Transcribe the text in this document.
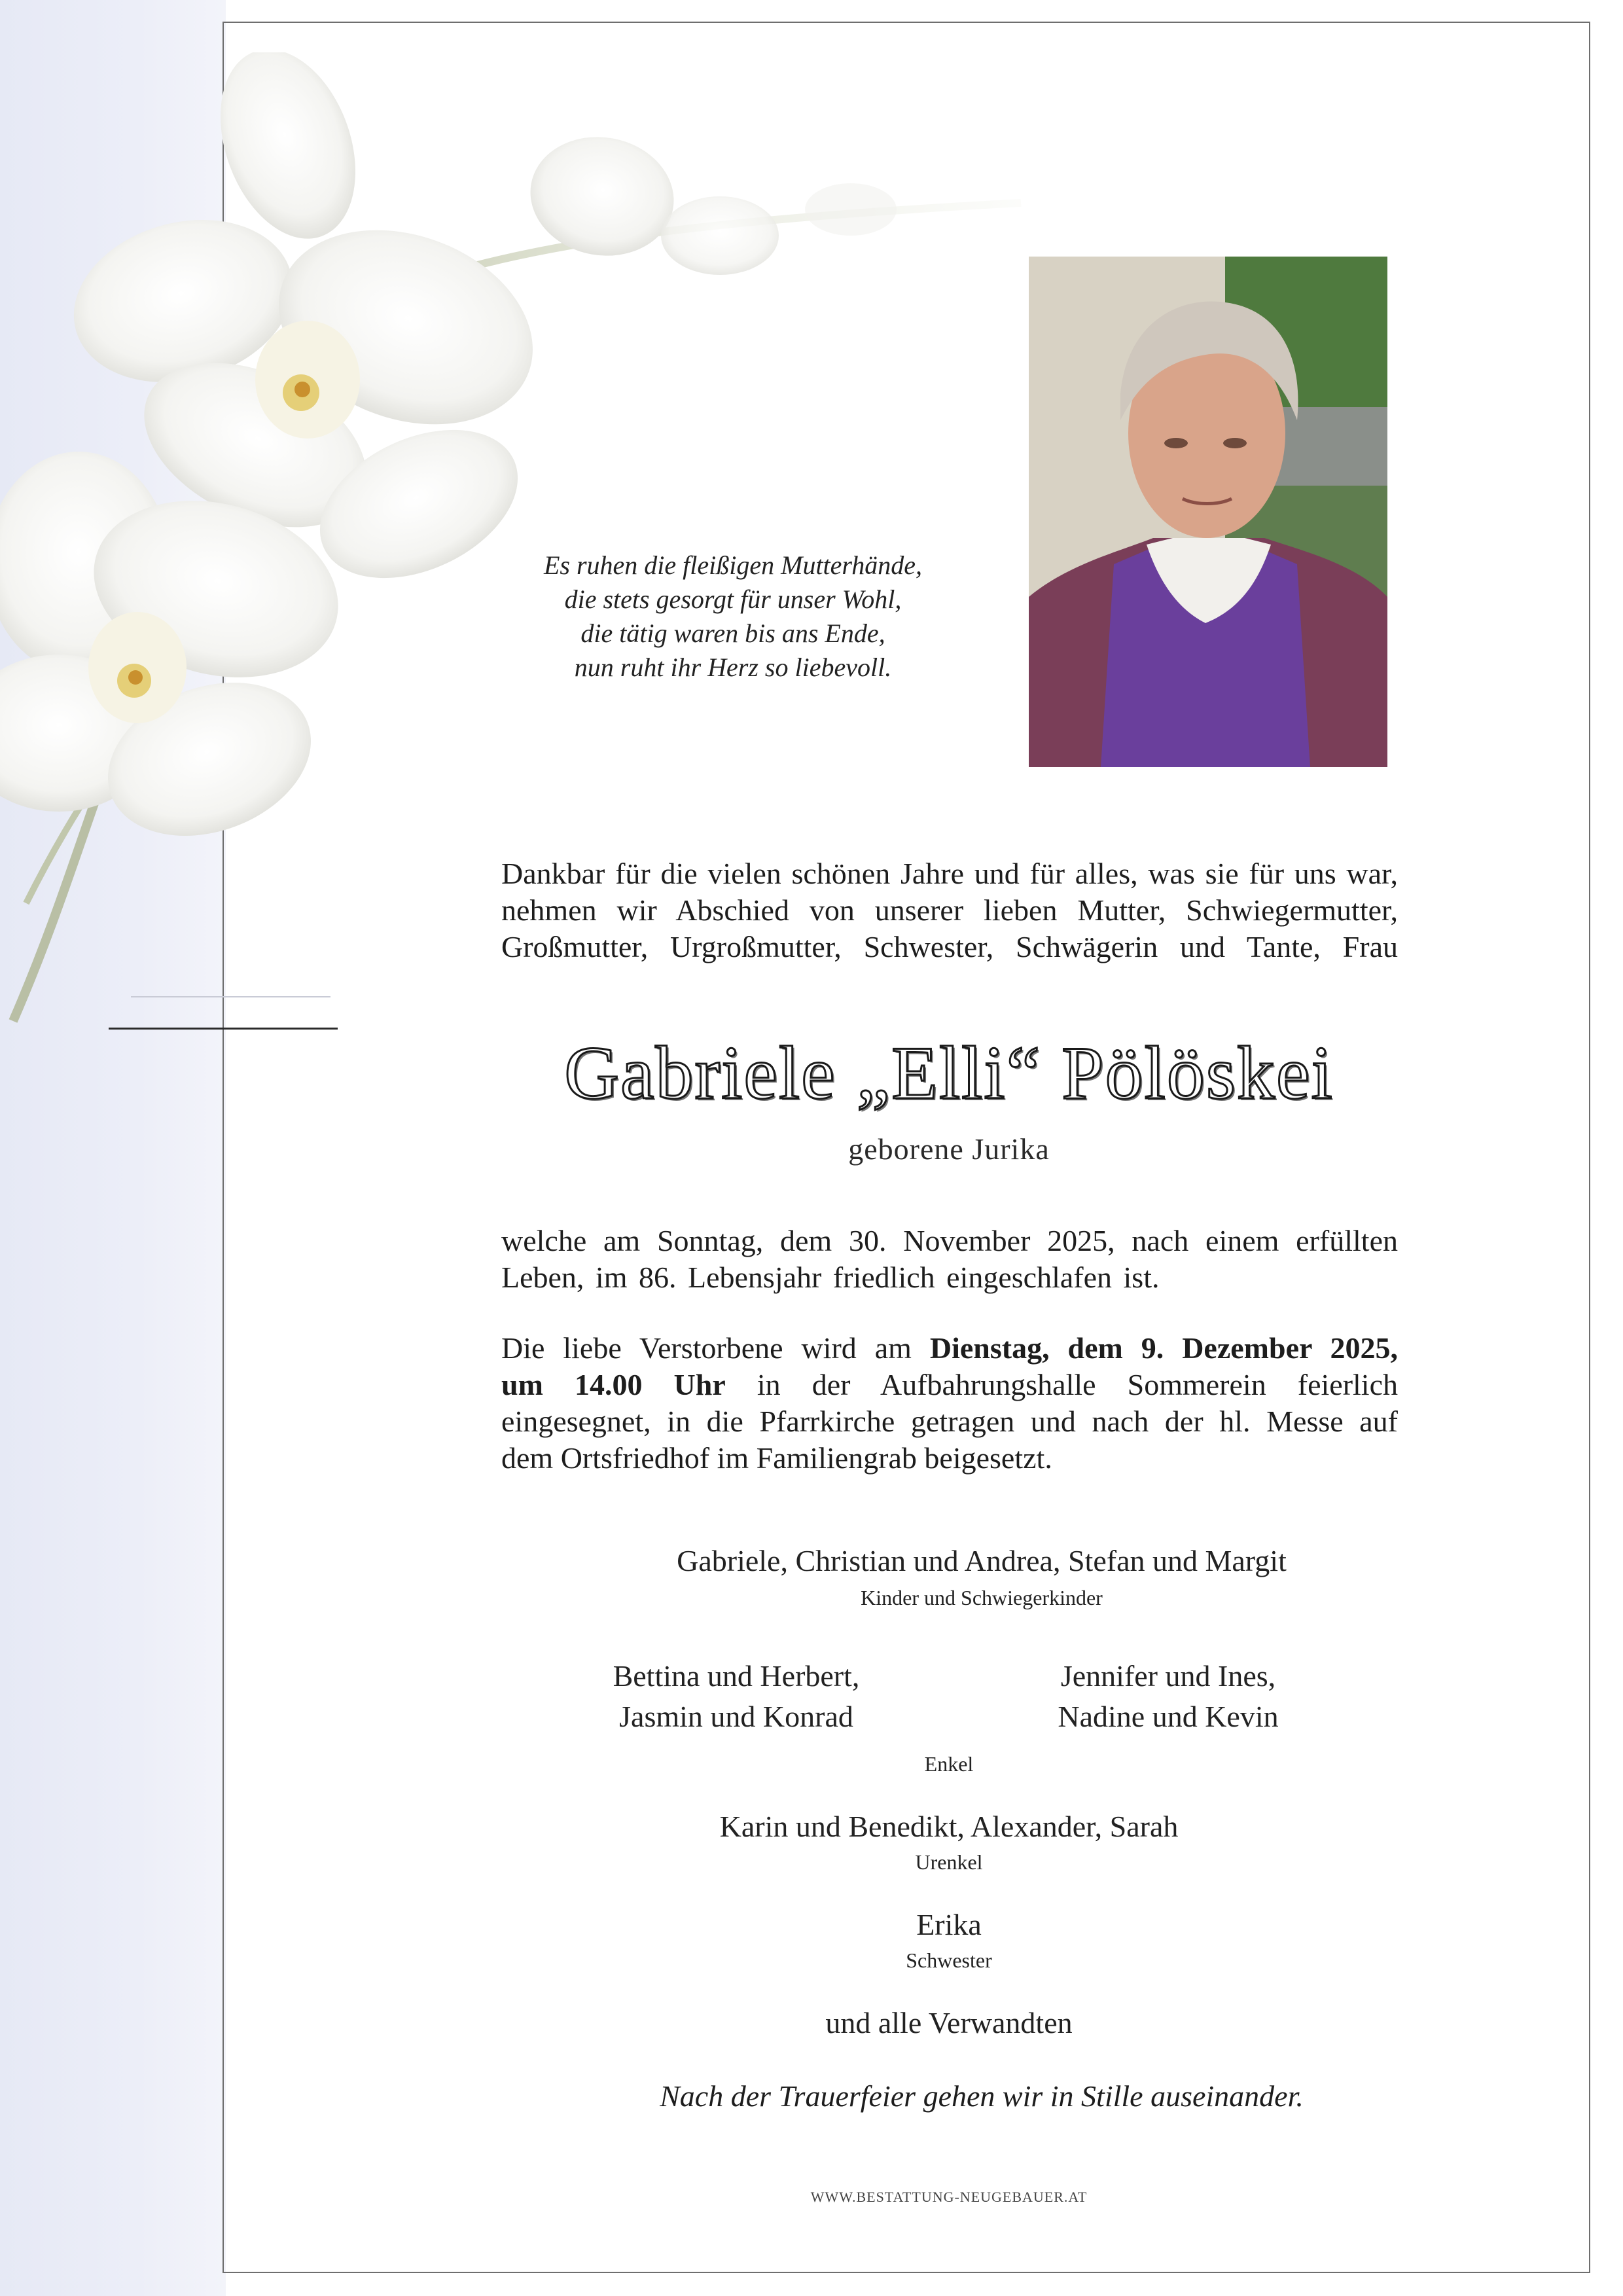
Es ruhen die fleißigen Mutterhände,
die stets gesorgt für unser Wohl,
die tätig waren bis ans Ende,
nun ruht ihr Herz so liebevoll.
Dankbar für die vielen schönen Jahre und für alles, was sie für uns war,
nehmen wir Abschied von unserer lieben Mutter, Schwiegermutter,
Großmutter, Urgroßmutter, Schwester, Schwägerin und Tante, Frau
Gabriele „Elli“ Pölöskei
geborene Jurika
welche am Sonntag, dem 30. November 2025, nach einem erfüllten
Leben, im 86. Lebensjahr friedlich eingeschlafen ist.
Die liebe Verstorbene wird am Dienstag, dem 9. Dezember 2025,
um 14.00 Uhr in der Aufbahrungshalle Sommerein feierlich
eingesegnet, in die Pfarrkirche getragen und nach der hl. Messe auf
dem Ortsfriedhof im Familiengrab beigesetzt.
Gabriele, Christian und Andrea, Stefan und Margit
Kinder und Schwiegerkinder
Bettina und Herbert,
Jasmin und Konrad
Jennifer und Ines,
Nadine und Kevin
Enkel
Karin und Benedikt, Alexander, Sarah
Urenkel
Erika
Schwester
und alle Verwandten
Nach der Trauerfeier gehen wir in Stille auseinander.
WWW.BESTATTUNG-NEUGEBAUER.AT
